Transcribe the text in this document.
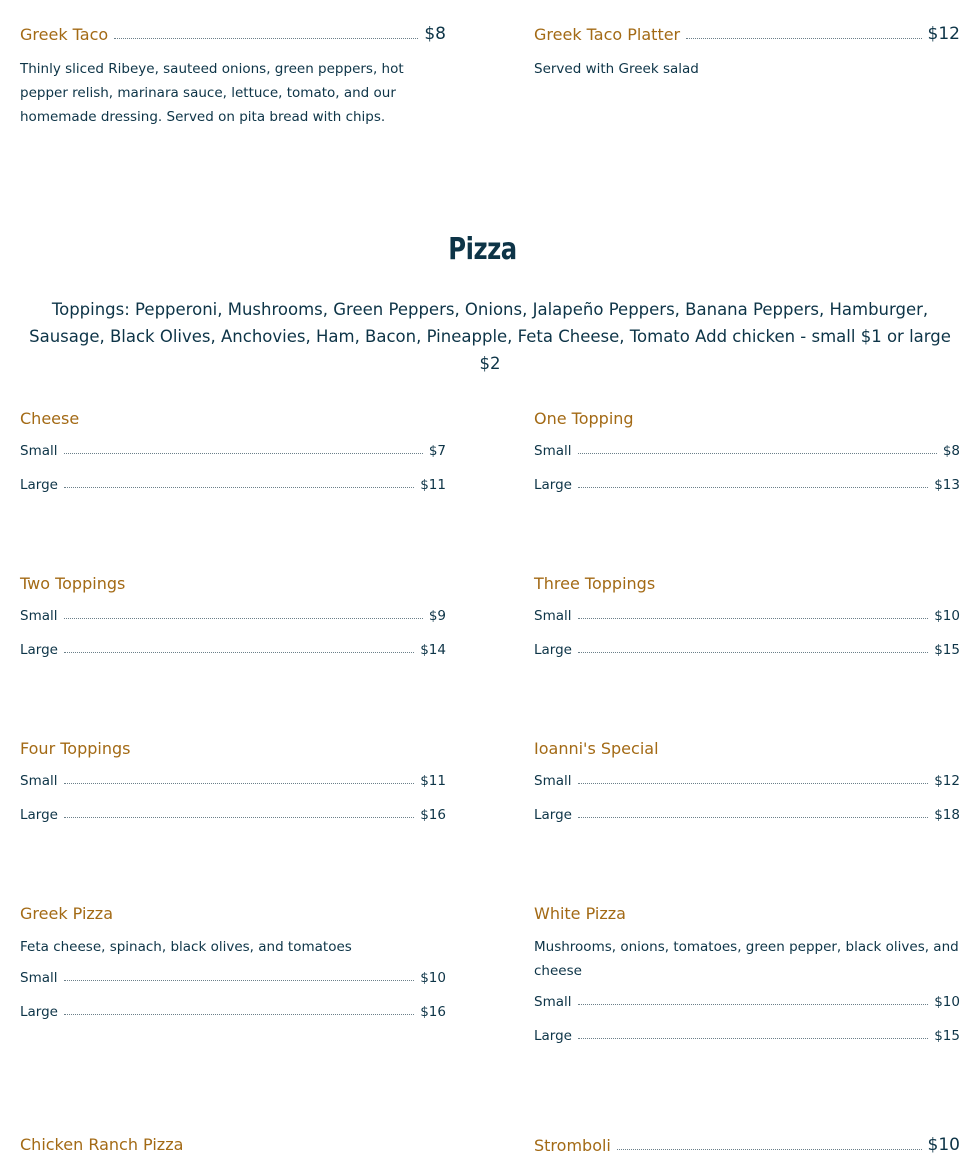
Greek Taco	$8
Thinly sliced Ribeye, sauteed onions, green peppers, hot pepper relish, marinara sauce, lettuce, tomato, and our homemade dressing. Served on pita bread with chips.
Greek Taco Platter	$12
Served with Greek salad
Pizza
Toppings: Pepperoni, Mushrooms, Green Peppers, Onions, Jalapeño Peppers, Banana Peppers, Hamburger, Sausage, Black Olives, Anchovies, Ham, Bacon, Pineapple, Feta Cheese, Tomato Add chicken - small $1 or large $2
Cheese
Small	$7
Large	$11
One Topping
Small	$8
Large	$13
Two Toppings
Small	$9
Large	$14
Three Toppings
Small	$10
Large	$15
Four Toppings
Small	$11
Large	$16
Ioanni's Special
Small	$12
Large	$18
Greek Pizza
Feta cheese, spinach, black olives, and tomatoes
Small	$10
Large	$16
White Pizza
Mushrooms, onions, tomatoes, green pepper, black olives, and cheese
Small	$10
Large	$15
Chicken Ranch Pizza	Stromboli	$10
